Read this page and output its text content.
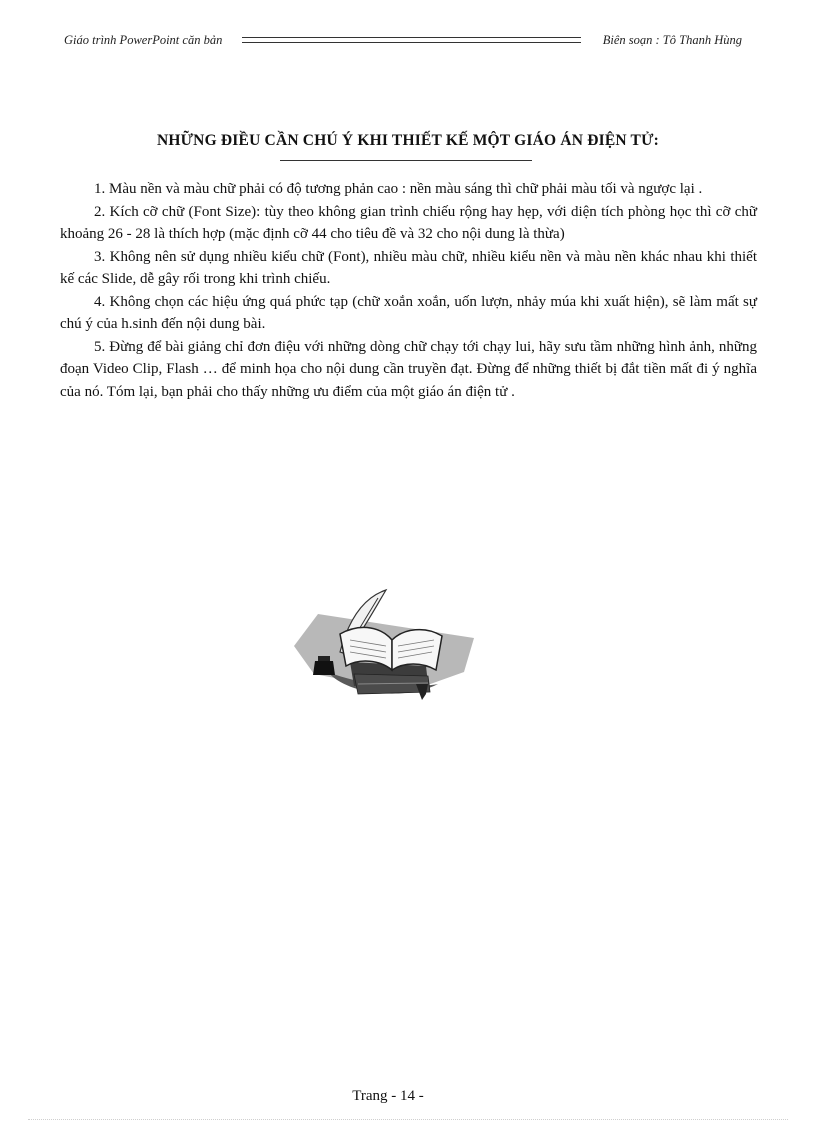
Giáo trình PowerPoint căn bản	Biên soạn : Tô Thanh Hùng
NHỮNG ĐIỀU CẦN CHÚ Ý KHI THIẾT KẾ MỘT GIÁO ÁN ĐIỆN TỬ:

1. Màu nền và màu chữ phải có độ tương phản cao : nền màu sáng thì chữ phải màu tối và ngược lại .

2. Kích cỡ chữ (Font Size): tùy theo không gian trình chiếu rộng hay hẹp, với diện tích phòng học thì cỡ chữ khoảng 26 - 28 là thích hợp (mặc định cỡ 44 cho tiêu đề và 32 cho nội dung là thừa)

3. Không nên sử dụng nhiều kiểu chữ (Font), nhiều màu chữ, nhiều kiểu nền và màu nền khác nhau khi thiết kế các Slide, dễ gây rối trong khi trình chiếu.

4. Không chọn các hiệu ứng quá phức tạp (chữ xoắn xoắn, uốn lượn, nhảy múa khi xuất hiện), sẽ làm mất sự chú ý của h.sinh đến nội dung bài.

5. Đừng để bài giảng chỉ đơn điệu với những dòng chữ chạy tới chạy lui, hãy sưu tầm những hình ảnh, những đoạn Video Clip, Flash … để minh họa cho nội dung cần truyền đạt. Đừng để những thiết bị đắt tiền mất đi ý nghĩa của nó. Tóm lại, bạn phải cho thấy những ưu điểm của một giáo án điện tử .

Trang - 14 -
